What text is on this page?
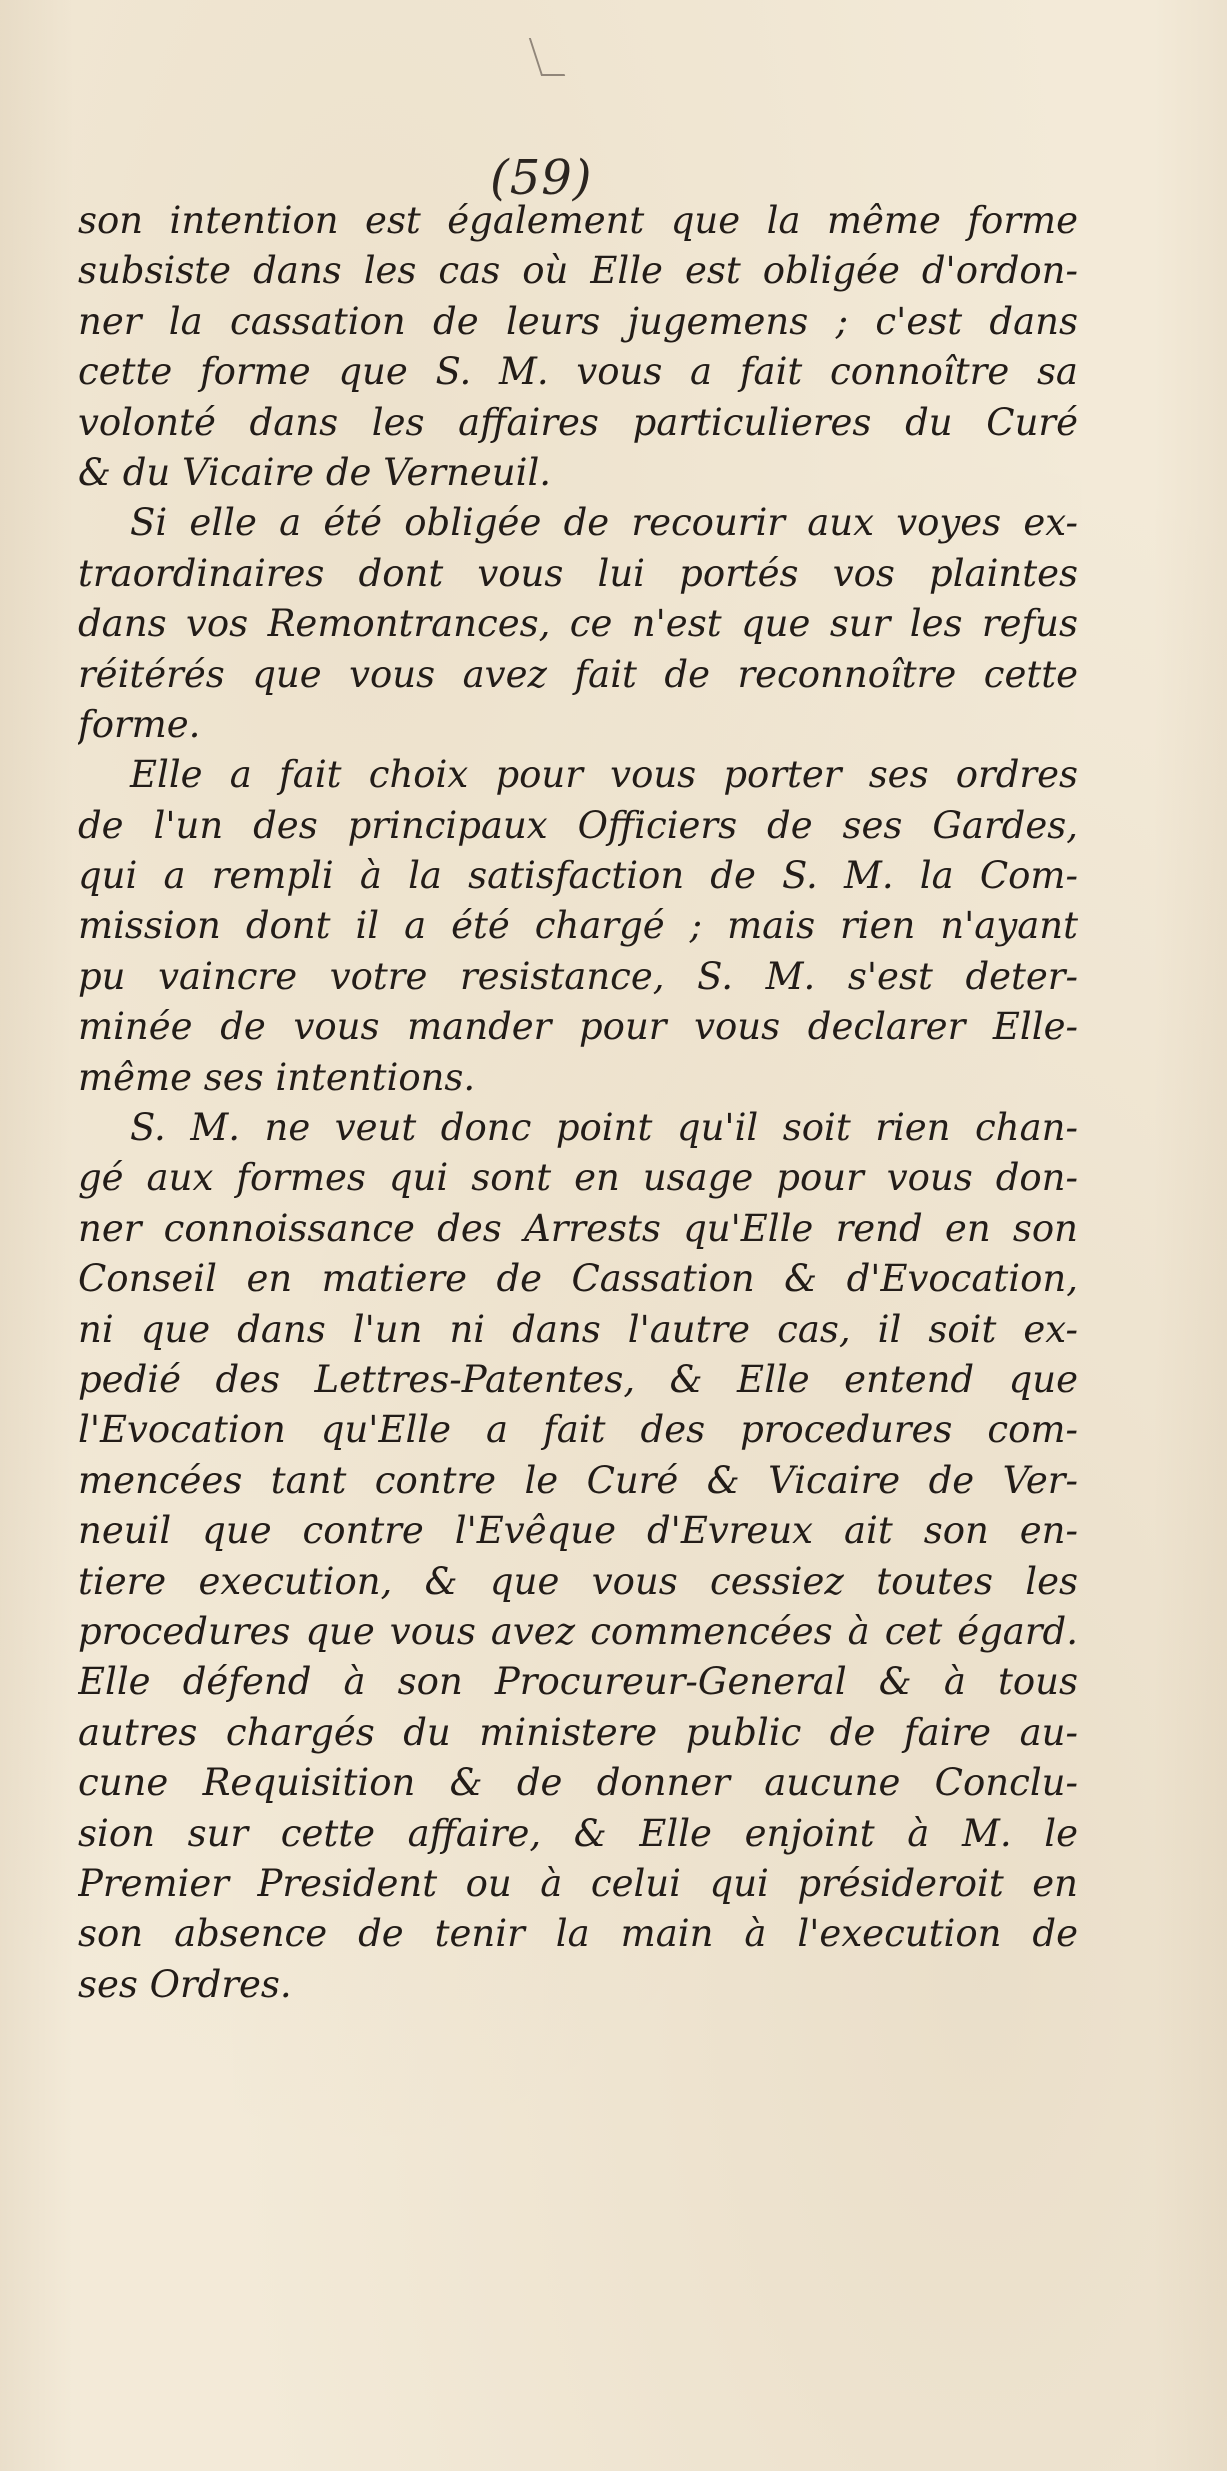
(59)
son intention est également que la même forme
subsiste dans les cas où Elle est obligée d'ordon-
ner la cassation de leurs jugemens ; c'est dans
cette forme que S. M. vous a fait connoître sa
volonté dans les affaires particulieres du Curé
& du Vicaire de Verneuil.
Si elle a été obligée de recourir aux voyes ex-
traordinaires dont vous lui portés vos plaintes
dans vos Remontrances, ce n'est que sur les refus
réitérés que vous avez fait de reconnoître cette
forme.
Elle a fait choix pour vous porter ses ordres
de l'un des principaux Officiers de ses Gardes,
qui a rempli à la satisfaction de S. M. la Com-
mission dont il a été chargé ; mais rien n'ayant
pu vaincre votre resistance, S. M. s'est deter-
minée de vous mander pour vous declarer Elle-
même ses intentions.
S. M. ne veut donc point qu'il soit rien chan-
gé aux formes qui sont en usage pour vous don-
ner connoissance des Arrests qu'Elle rend en son
Conseil en matiere de Cassation & d'Evocation,
ni que dans l'un ni dans l'autre cas, il soit ex-
pedié des Lettres-Patentes, & Elle entend que
l'Evocation qu'Elle a fait des procedures com-
mencées tant contre le Curé & Vicaire de Ver-
neuil que contre l'Evêque d'Evreux ait son en-
tiere execution, & que vous cessiez toutes les
procedures que vous avez commencées à cet égard.
Elle défend à son Procureur-General & à tous
autres chargés du ministere public de faire au-
cune Requisition & de donner aucune Conclu-
sion sur cette affaire, & Elle enjoint à M. le
Premier President ou à celui qui présideroit en
son absence de tenir la main à l'execution de
ses Ordres.
